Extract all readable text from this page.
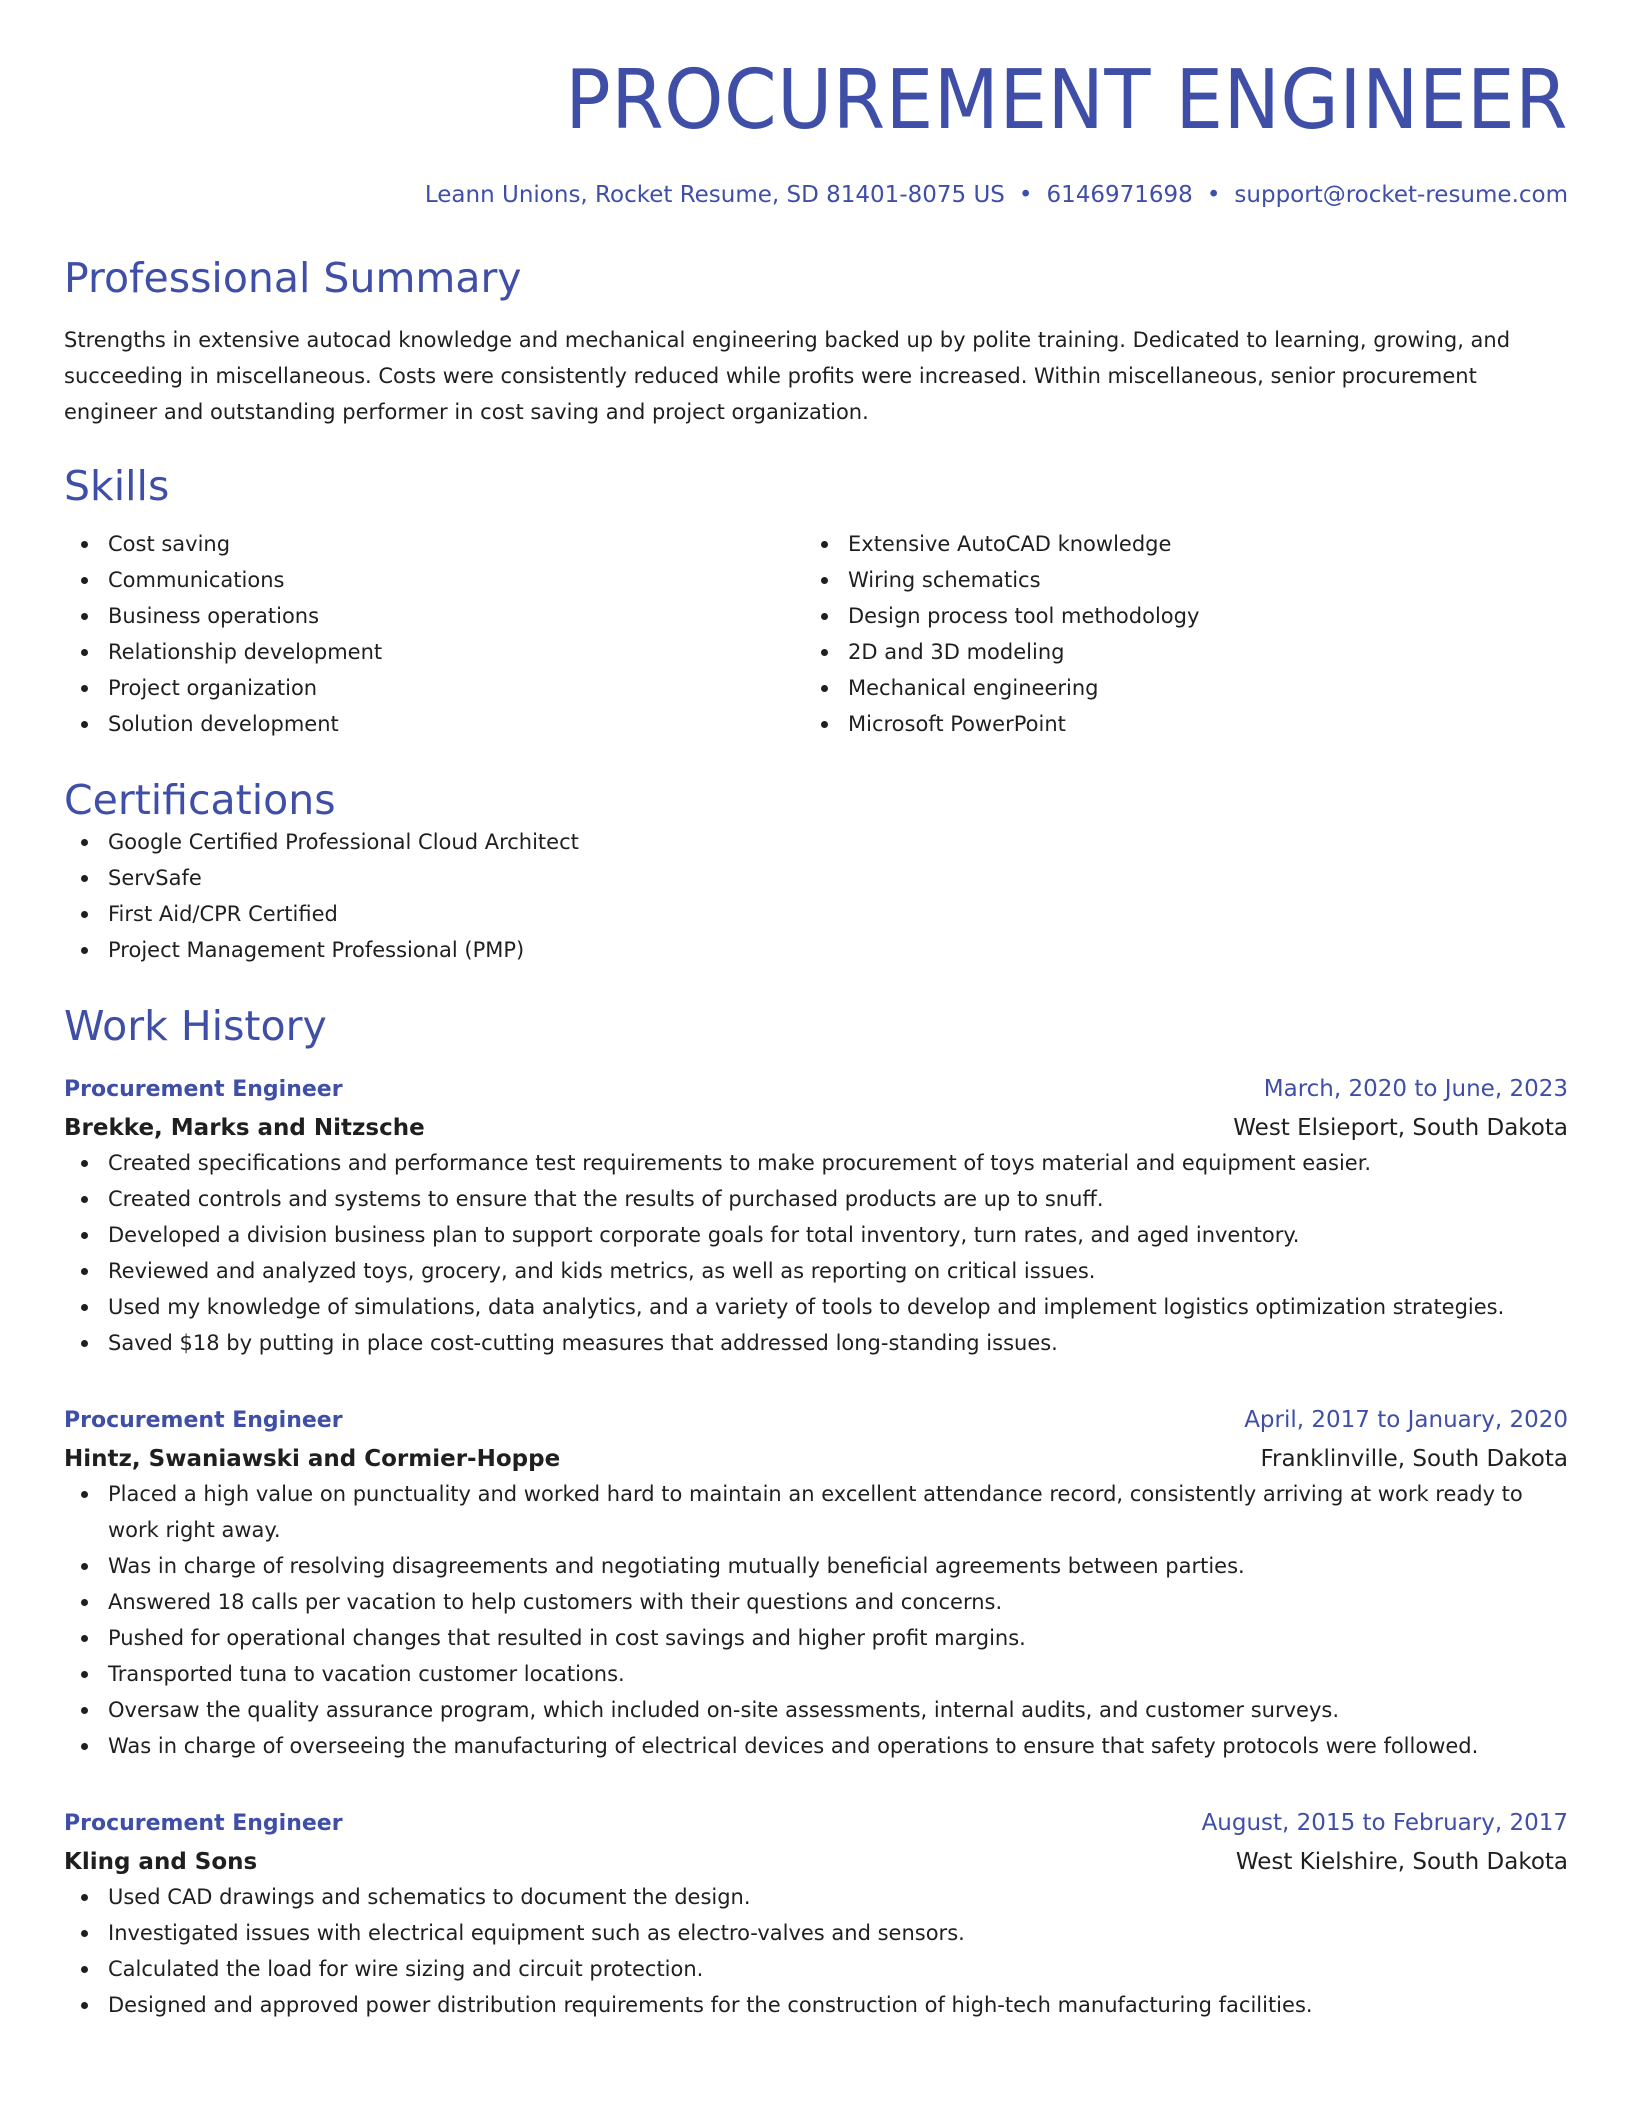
PROCUREMENT ENGINEER
Leann Unions, Rocket Resume, SD 81401-8075 US • 6146971698 • support@rocket-resume.com
Professional Summary

Strengths in extensive autocad knowledge and mechanical engineering backed up by polite training. Dedicated to learning, growing, and succeeding in miscellaneous. Costs were consistently reduced while profits were increased. Within miscellaneous, senior procurement engineer and outstanding performer in cost saving and project organization.

Skills
Cost saving
Communications
Business operations
Relationship development
Project organization
Solution development
Extensive AutoCAD knowledge
Wiring schematics
Design process tool methodology
2D and 3D modeling
Mechanical engineering
Microsoft PowerPoint
Certifications
Google Certified Professional Cloud Architect
ServSafe
First Aid/CPR Certified
Project Management Professional (PMP)
Work History
Procurement Engineer	March, 2020 to June, 2023
Brekke, Marks and Nitzsche	West Elsieport, South Dakota
Created specifications and performance test requirements to make procurement of toys material and equipment easier.
Created controls and systems to ensure that the results of purchased products are up to snuff.
Developed a division business plan to support corporate goals for total inventory, turn rates, and aged inventory.
Reviewed and analyzed toys, grocery, and kids metrics, as well as reporting on critical issues.
Used my knowledge of simulations, data analytics, and a variety of tools to develop and implement logistics optimization strategies.
Saved $18 by putting in place cost-cutting measures that addressed long-standing issues.
Procurement Engineer	April, 2017 to January, 2020
Hintz, Swaniawski and Cormier-Hoppe	Franklinville, South Dakota
Placed a high value on punctuality and worked hard to maintain an excellent attendance record, consistently arriving at work ready to work right away.
Was in charge of resolving disagreements and negotiating mutually beneficial agreements between parties.
Answered 18 calls per vacation to help customers with their questions and concerns.
Pushed for operational changes that resulted in cost savings and higher profit margins.
Transported tuna to vacation customer locations.
Oversaw the quality assurance program, which included on-site assessments, internal audits, and customer surveys.
Was in charge of overseeing the manufacturing of electrical devices and operations to ensure that safety protocols were followed.
Procurement Engineer	August, 2015 to February, 2017
Kling and Sons	West Kielshire, South Dakota
Used CAD drawings and schematics to document the design.
Investigated issues with electrical equipment such as electro-valves and sensors.
Calculated the load for wire sizing and circuit protection.
Designed and approved power distribution requirements for the construction of high-tech manufacturing facilities.
